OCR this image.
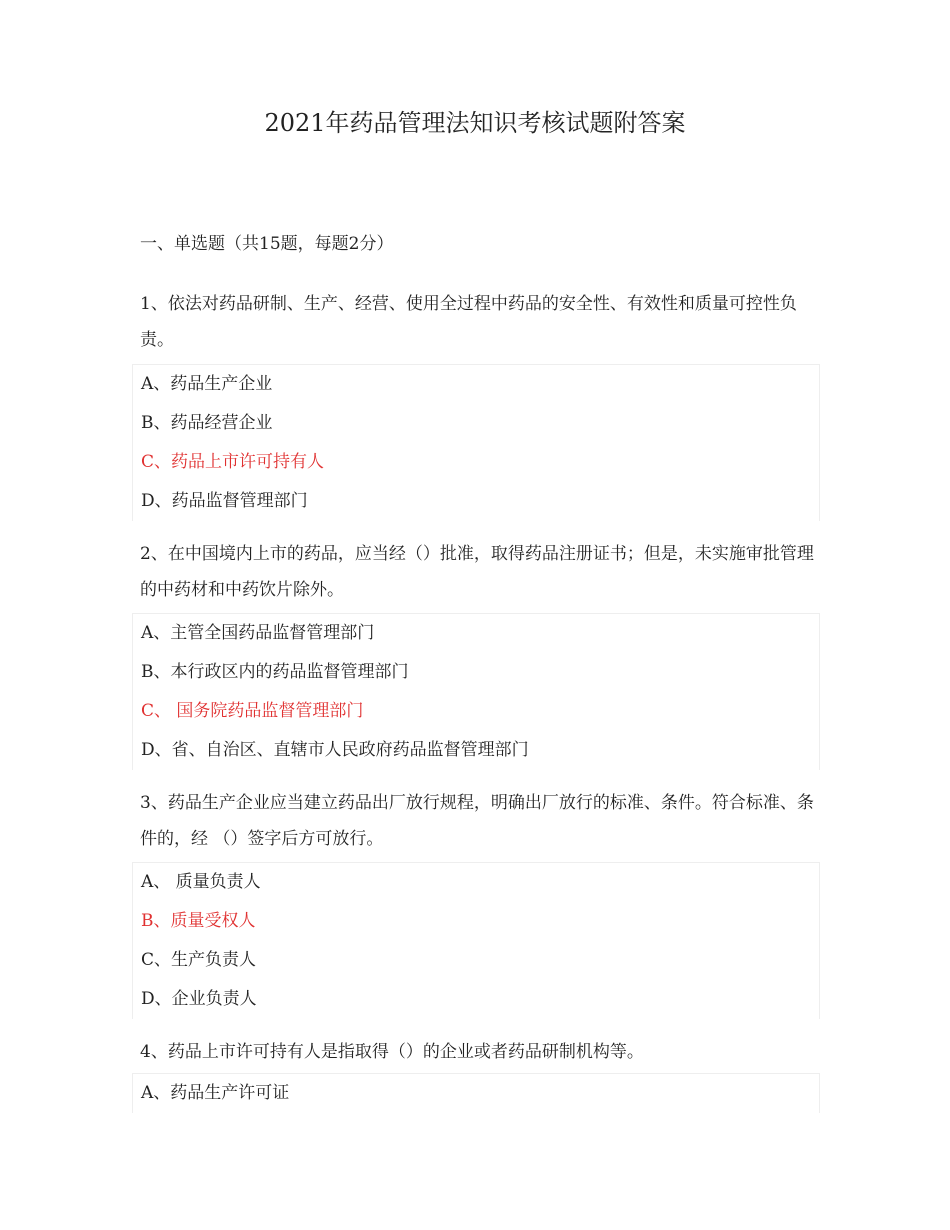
2021年药品管理法知识考核试题附答案
一、单选题（共15题，每题2分）

1、依法对药品研制、生产、经营、使用全过程中药品的安全性、有效性和质量可控性负责。

A、药品生产企业
B、药品经营企业
C、药品上市许可持有人
D、药品监督管理部门

2、在中国境内上市的药品，应当经（）批准，取得药品注册证书；但是，未实施审批管理的中药材和中药饮片除外。

A、主管全国药品监督管理部门
B、本行政区内的药品监督管理部门
C、 国务院药品监督管理部门
D、省、自治区、直辖市人民政府药品监督管理部门

3、药品生产企业应当建立药品出厂放行规程，明确出厂放行的标准、条件。符合标准、条件的，经 （）签字后方可放行。

A、 质量负责人
B、质量受权人
C、生产负责人
D、企业负责人

4、药品上市许可持有人是指取得（）的企业或者药品研制机构等。

A、药品生产许可证
